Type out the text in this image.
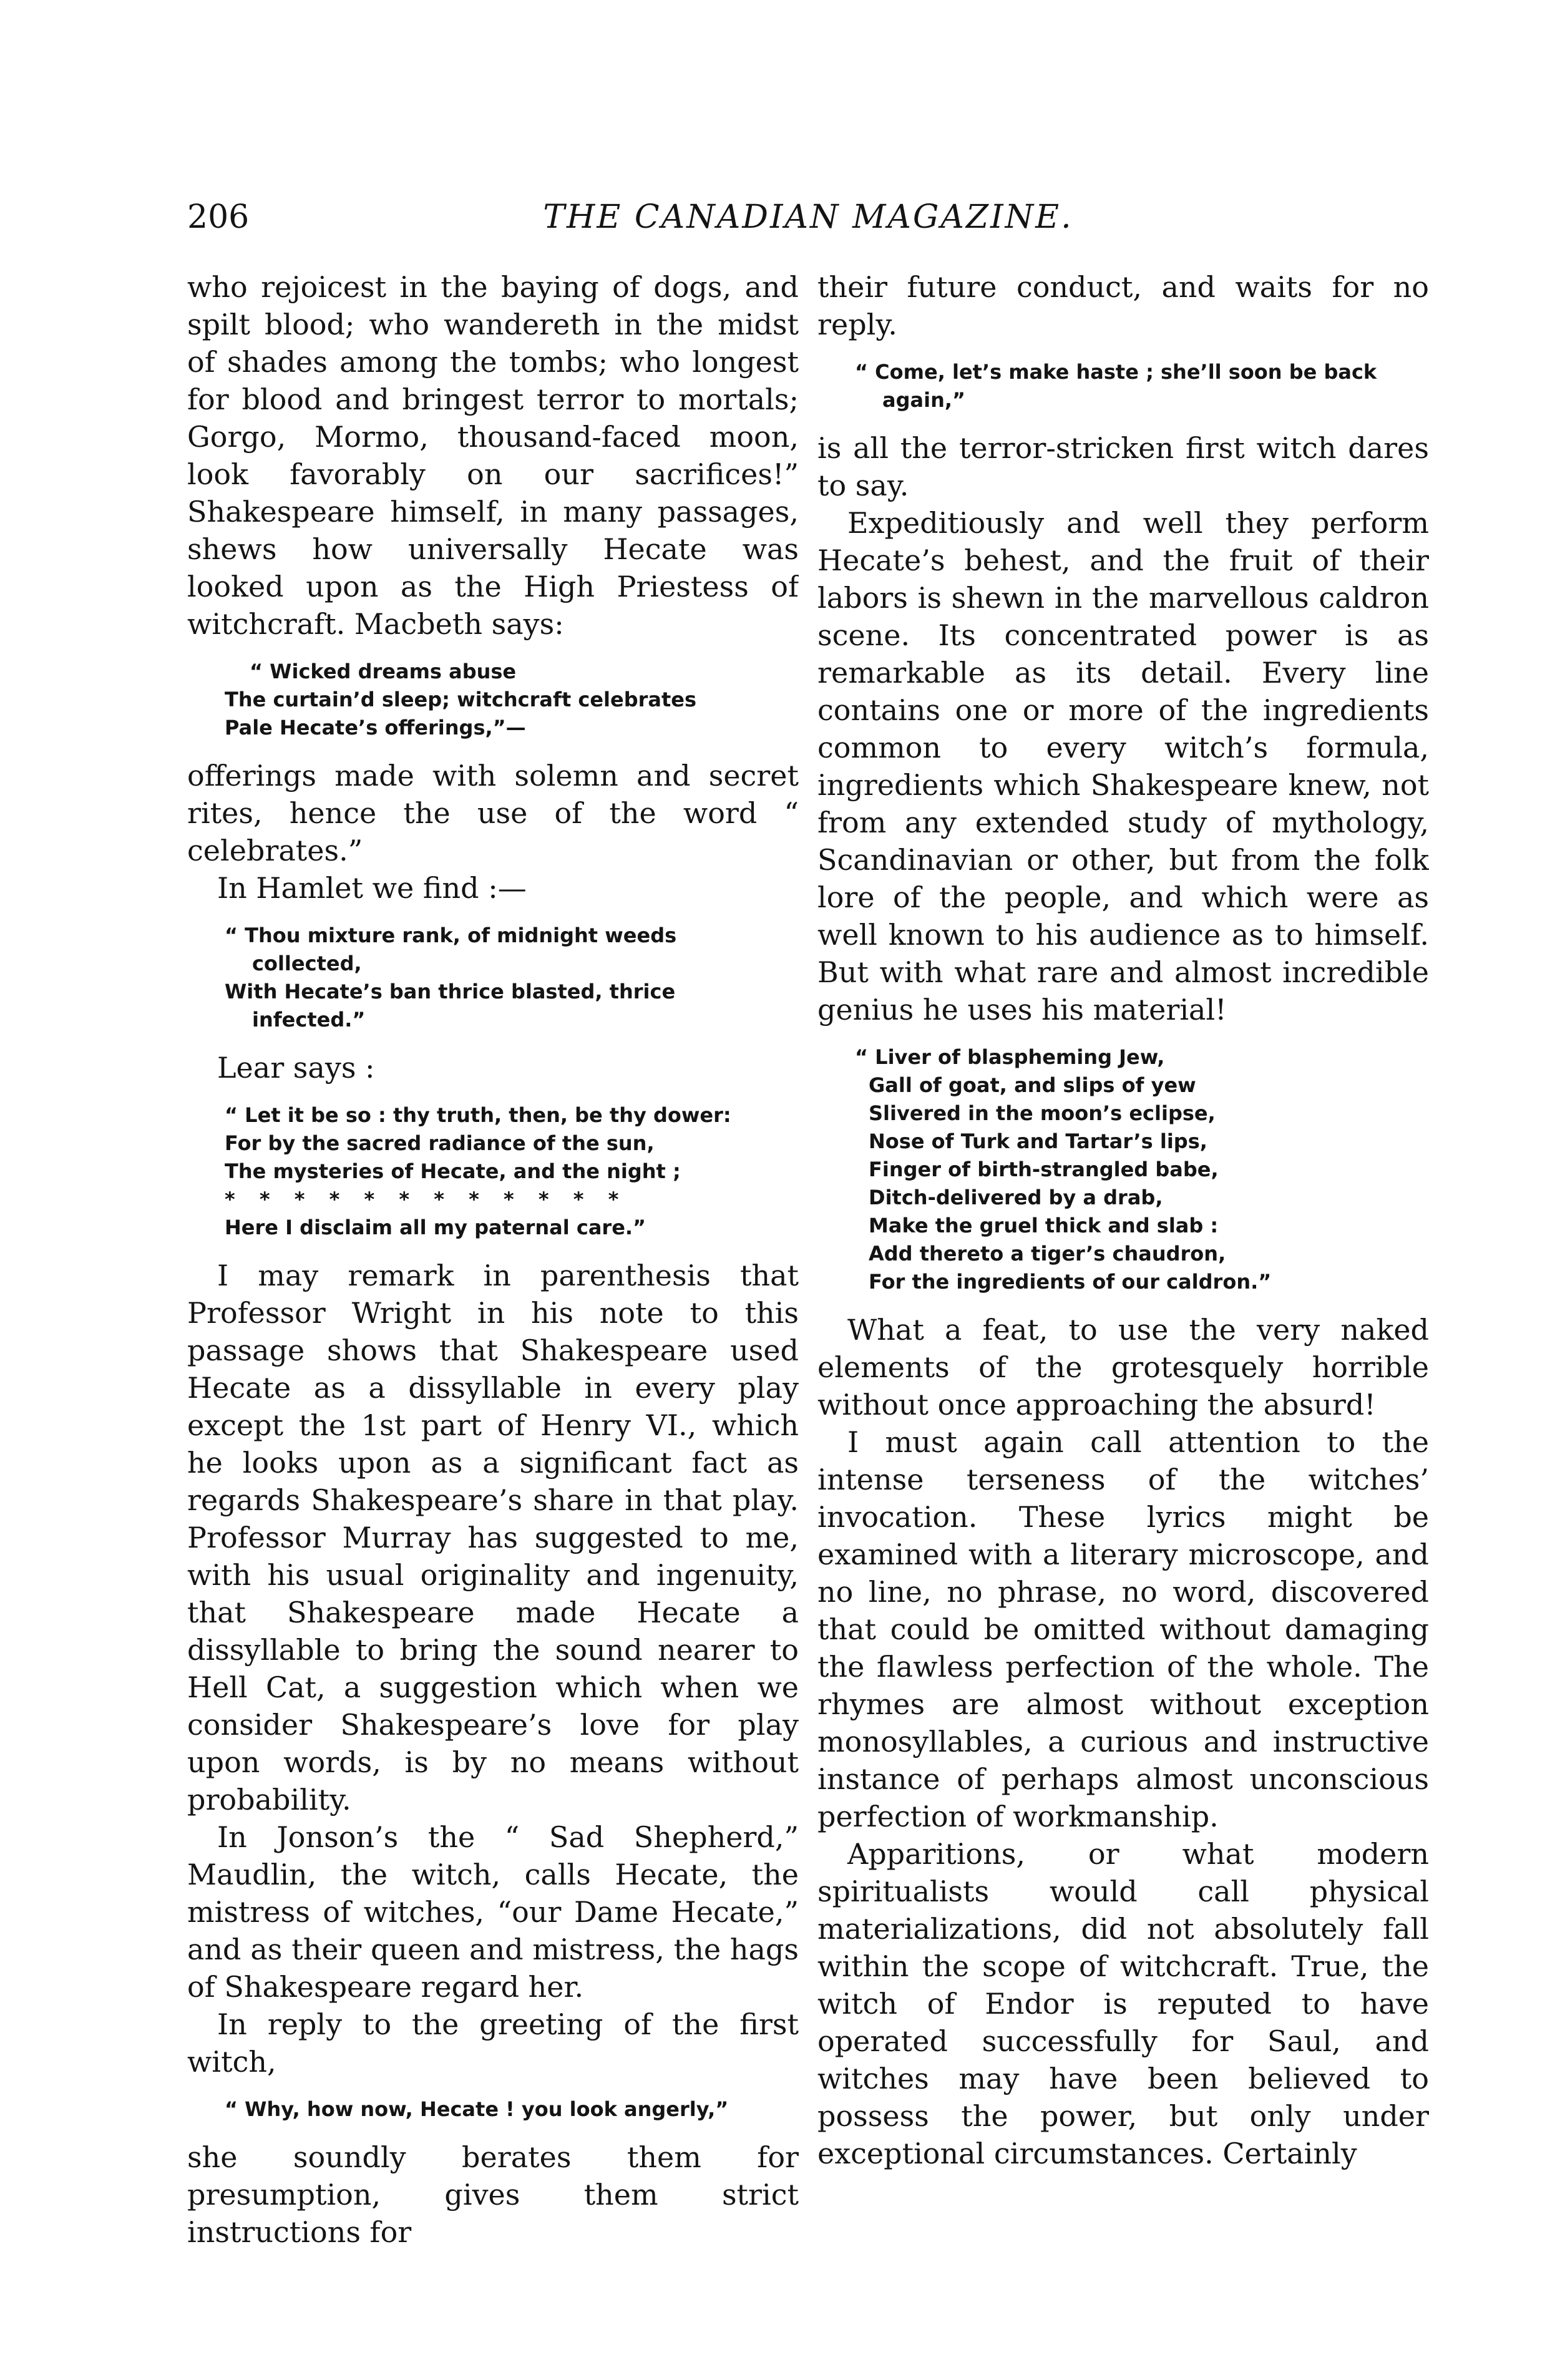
206	THE CANADIAN MAGAZINE.

who rejoicest in the baying of dogs, and spilt blood; who wandereth in the midst of shades among the tombs; who longest for blood and bringest terror to mortals; Gorgo, Mormo, thousand-faced moon, look favorably on our sacrifices!” Shakespeare himself, in many passages, shews how universally Hecate was looked upon as the High Priestess of witchcraft. Macbeth says:

“ Wicked dreams abuse
The curtain’d sleep; witchcraft celebrates
Pale Hecate’s offerings,”—

offerings made with solemn and secret rites, hence the use of the word “ celebrates.”

In Hamlet we find :—

“ Thou mixture rank, of midnight weeds
collected,
With Hecate’s ban thrice blasted, thrice
infected.”

Lear says :

“ Let it be so : thy truth, then, be thy dower:
For by the sacred radiance of the sun,
The mysteries of Hecate, and the night ;
* * * * * * * * * * * *
Here I disclaim all my paternal care.”

I may remark in parenthesis that Professor Wright in his note to this passage shows that Shakespeare used Hecate as a dissyllable in every play except the 1st part of Henry VI., which he looks upon as a significant fact as regards Shakespeare’s share in that play. Professor Murray has suggested to me, with his usual originality and ingenuity, that Shakespeare made Hecate a dissyllable to bring the sound nearer to Hell Cat, a suggestion which when we consider Shakespeare’s love for play upon words, is by no means without probability.

In Jonson’s the “ Sad Shepherd,” Maudlin, the witch, calls Hecate, the mistress of witches, “our Dame Hecate,” and as their queen and mistress, the hags of Shakespeare regard her.

In reply to the greeting of the first witch,

“ Why, how now, Hecate ! you look angerly,”

she soundly berates them for presumption, gives them strict instructions for

their future conduct, and waits for no reply.

“ Come, let’s make haste ; she’ll soon be back
again,”

is all the terror-stricken first witch dares to say.

Expeditiously and well they perform Hecate’s behest, and the fruit of their labors is shewn in the marvellous caldron scene. Its concentrated power is as remarkable as its detail. Every line contains one or more of the ingredients common to every witch’s formula, ingredients which Shakespeare knew, not from any extended study of mythology, Scandinavian or other, but from the folk lore of the people, and which were as well known to his audience as to himself. But with what rare and almost incredible genius he uses his material!

“ Liver of blaspheming Jew,
Gall of goat, and slips of yew
Slivered in the moon’s eclipse,
Nose of Turk and Tartar’s lips,
Finger of birth-strangled babe,
Ditch-delivered by a drab,
Make the gruel thick and slab :
Add thereto a tiger’s chaudron,
For the ingredients of our caldron.”

What a feat, to use the very naked elements of the grotesquely horrible without once approaching the absurd!

I must again call attention to the intense terseness of the witches’ invocation. These lyrics might be examined with a literary microscope, and no line, no phrase, no word, discovered that could be omitted without damaging the flawless perfection of the whole. The rhymes are almost without exception monosyllables, a curious and instructive instance of perhaps almost unconscious perfection of workmanship.

Apparitions, or what modern spiritualists would call physical materializations, did not absolutely fall within the scope of witchcraft. True, the witch of Endor is reputed to have operated successfully for Saul, and witches may have been believed to possess the power, but only under exceptional circumstances. Certainly
